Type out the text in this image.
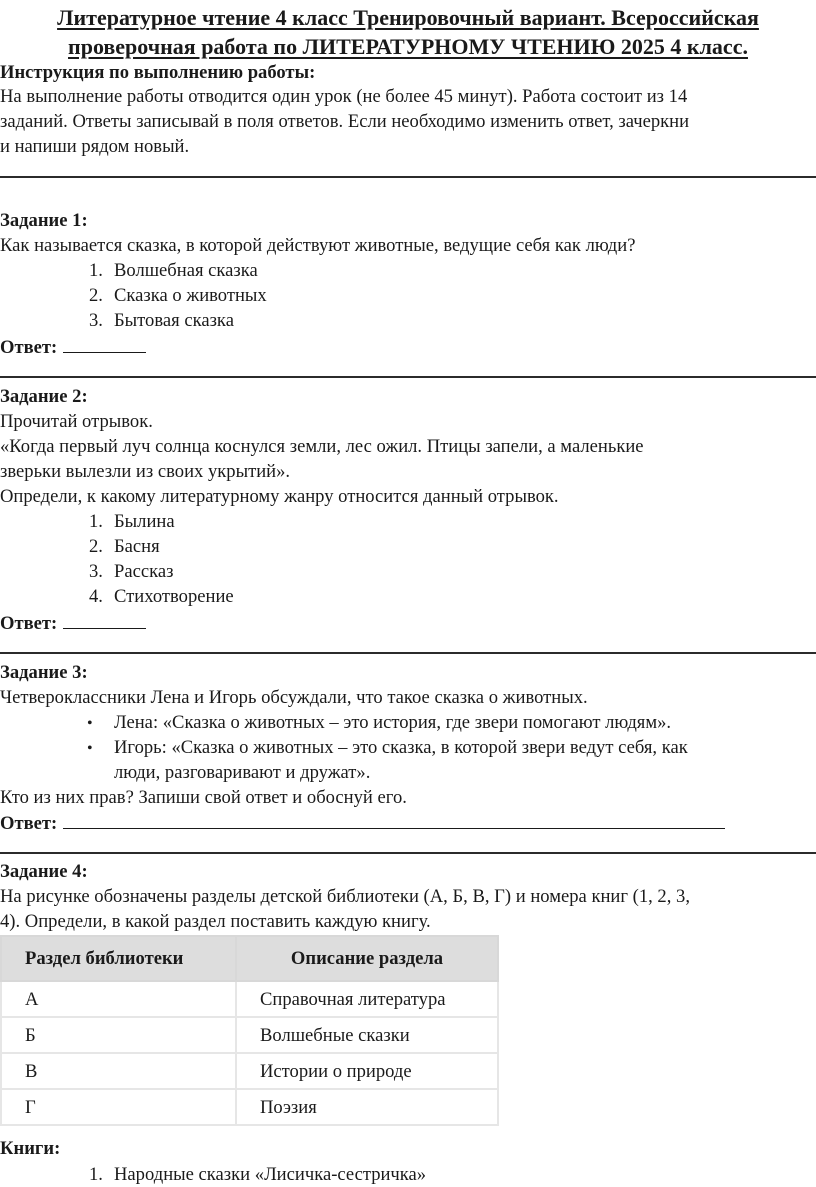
Литературное чтение 4 класс Тренировочный вариант. Всероссийская
проверочная работа по ЛИТЕРАТУРНОМУ ЧТЕНИЮ 2025 4 класс.
Инструкция по выполнению работы:
На выполнение работы отводится один урок (не более 45 минут). Работа состоит из 14
заданий. Ответы записывай в поля ответов. Если необходимо изменить ответ, зачеркни
и напиши рядом новый.
Задание 1:
Как называется сказка, в которой действуют животные, ведущие себя как люди?
1. Волшебная сказка
2. Сказка о животных
3. Бытовая сказка
Ответ:
Задание 2:
Прочитай отрывок.
«Когда первый луч солнца коснулся земли, лес ожил. Птицы запели, а маленькие
зверьки вылезли из своих укрытий».
Определи, к какому литературному жанру относится данный отрывок.
1. Былина
2. Басня
3. Рассказ
4. Стихотворение
Ответ:
Задание 3:
Четвероклассники Лена и Игорь обсуждали, что такое сказка о животных.
• Лена: «Сказка о животных – это история, где звери помогают людям».
• Игорь: «Сказка о животных – это сказка, в которой звери ведут себя, как
люди, разговаривают и дружат».
Кто из них прав? Запиши свой ответ и обоснуй его.
Ответ:
Задание 4:
На рисунке обозначены разделы детской библиотеки (А, Б, В, Г) и номера книг (1, 2, 3,
4). Определи, в какой раздел поставить каждую книгу.
Раздел библиотеки	Описание раздела
А	Справочная литература
Б	Волшебные сказки
В	Истории о природе
Г	Поэзия
Книги:
1. Народные сказки «Лисичка-сестричка»
